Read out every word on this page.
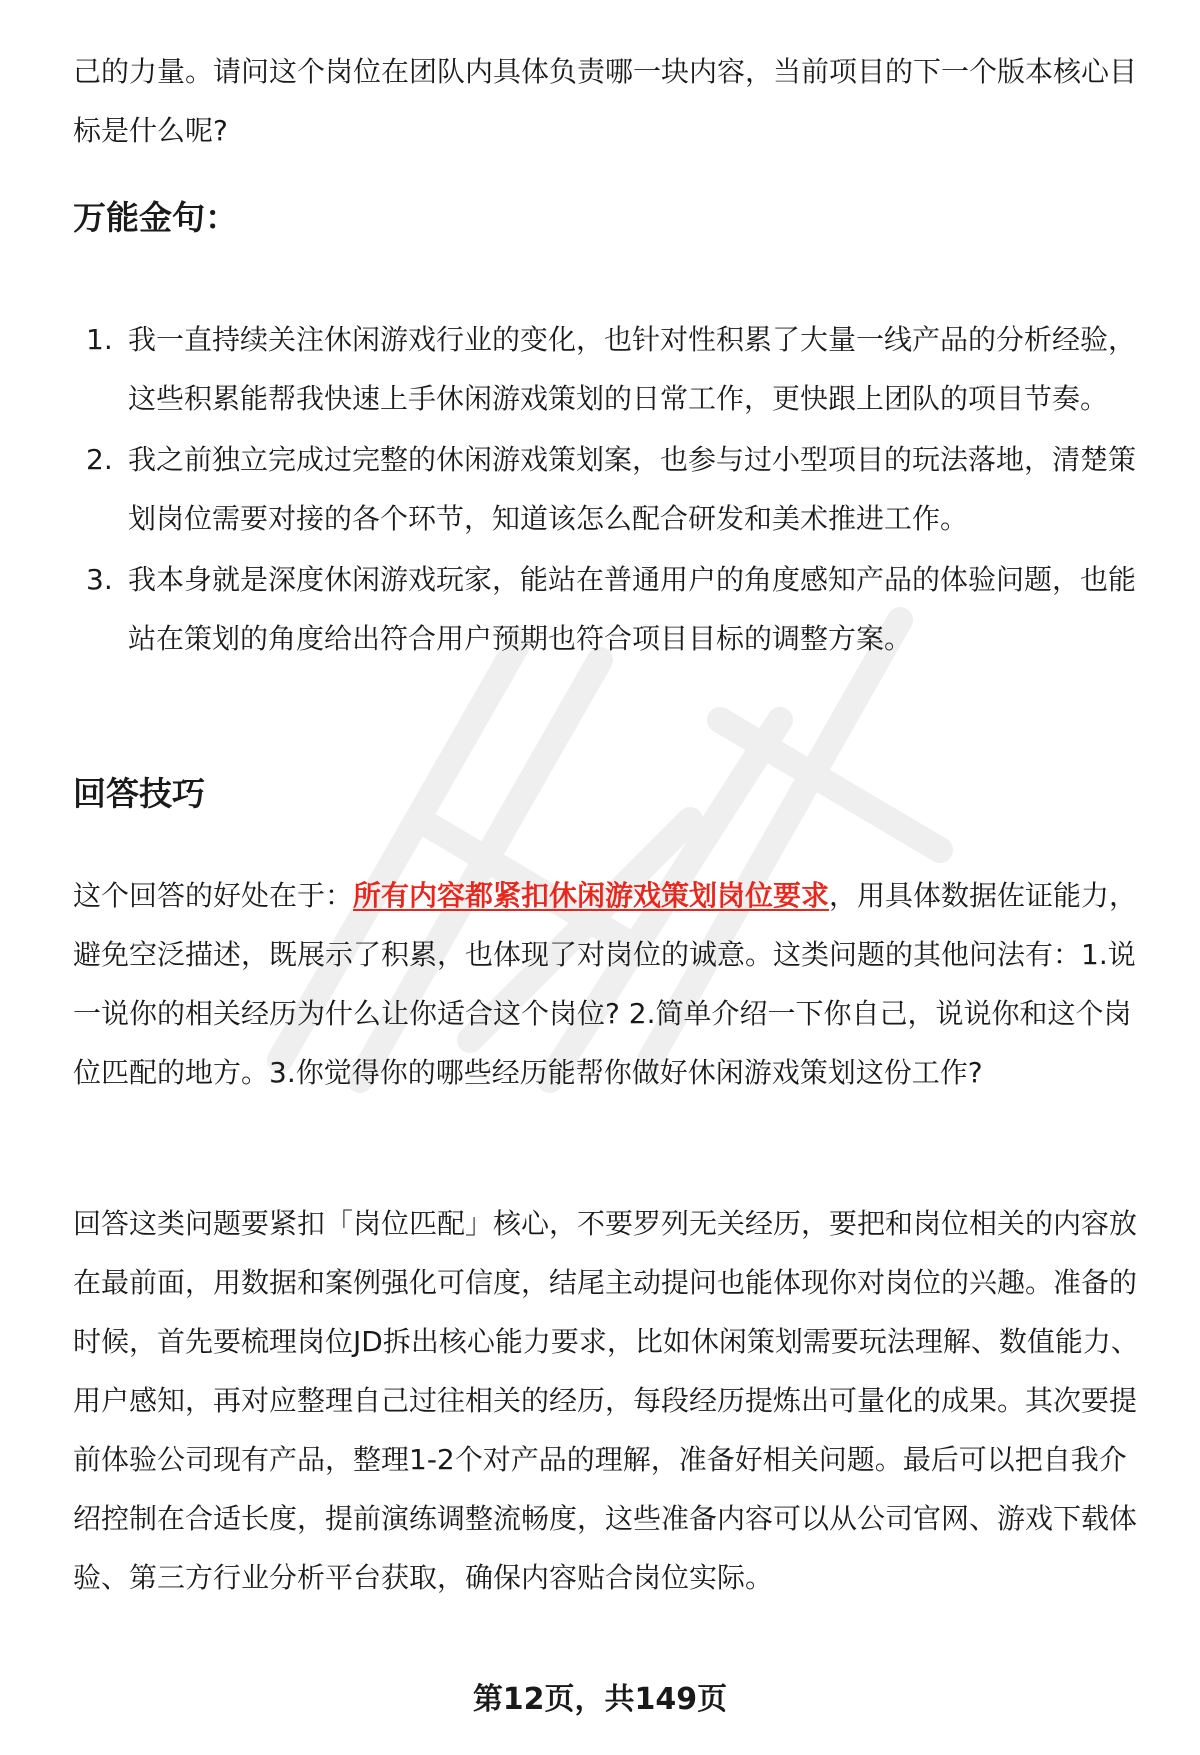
己的力量。请问这个岗位在团队内具体负责哪一块内容，当前项目的下一个版本核心目标是什么呢?

万能金句：
1. 我一直持续关注休闲游戏行业的变化，也针对性积累了大量一线产品的分析经验，这些积累能帮我快速上手休闲游戏策划的日常工作，更快跟上团队的项目节奏。
2. 我之前独立完成过完整的休闲游戏策划案，也参与过小型项目的玩法落地，清楚策划岗位需要对接的各个环节，知道该怎么配合研发和美术推进工作。
3. 我本身就是深度休闲游戏玩家，能站在普通用户的角度感知产品的体验问题，也能站在策划的角度给出符合用户预期也符合项目目标的调整方案。
回答技巧

这个回答的好处在于：所有内容都紧扣休闲游戏策划岗位要求，用具体数据佐证能力，避免空泛描述，既展示了积累，也体现了对岗位的诚意。这类问题的其他问法有：1.说一说你的相关经历为什么让你适合这个岗位? 2.简单介绍一下你自己，说说你和这个岗位匹配的地方。3.你觉得你的哪些经历能帮你做好休闲游戏策划这份工作?

回答这类问题要紧扣「岗位匹配」核心，不要罗列无关经历，要把和岗位相关的内容放在最前面，用数据和案例强化可信度，结尾主动提问也能体现你对岗位的兴趣。准备的时候，首先要梳理岗位JD拆出核心能力要求，比如休闲策划需要玩法理解、数值能力、用户感知，再对应整理自己过往相关的经历，每段经历提炼出可量化的成果。其次要提前体验公司现有产品，整理1-2个对产品的理解，准备好相关问题。最后可以把自我介绍控制在合适长度，提前演练调整流畅度，这些准备内容可以从公司官网、游戏下载体验、第三方行业分析平台获取，确保内容贴合岗位实际。

第12页，共149页
